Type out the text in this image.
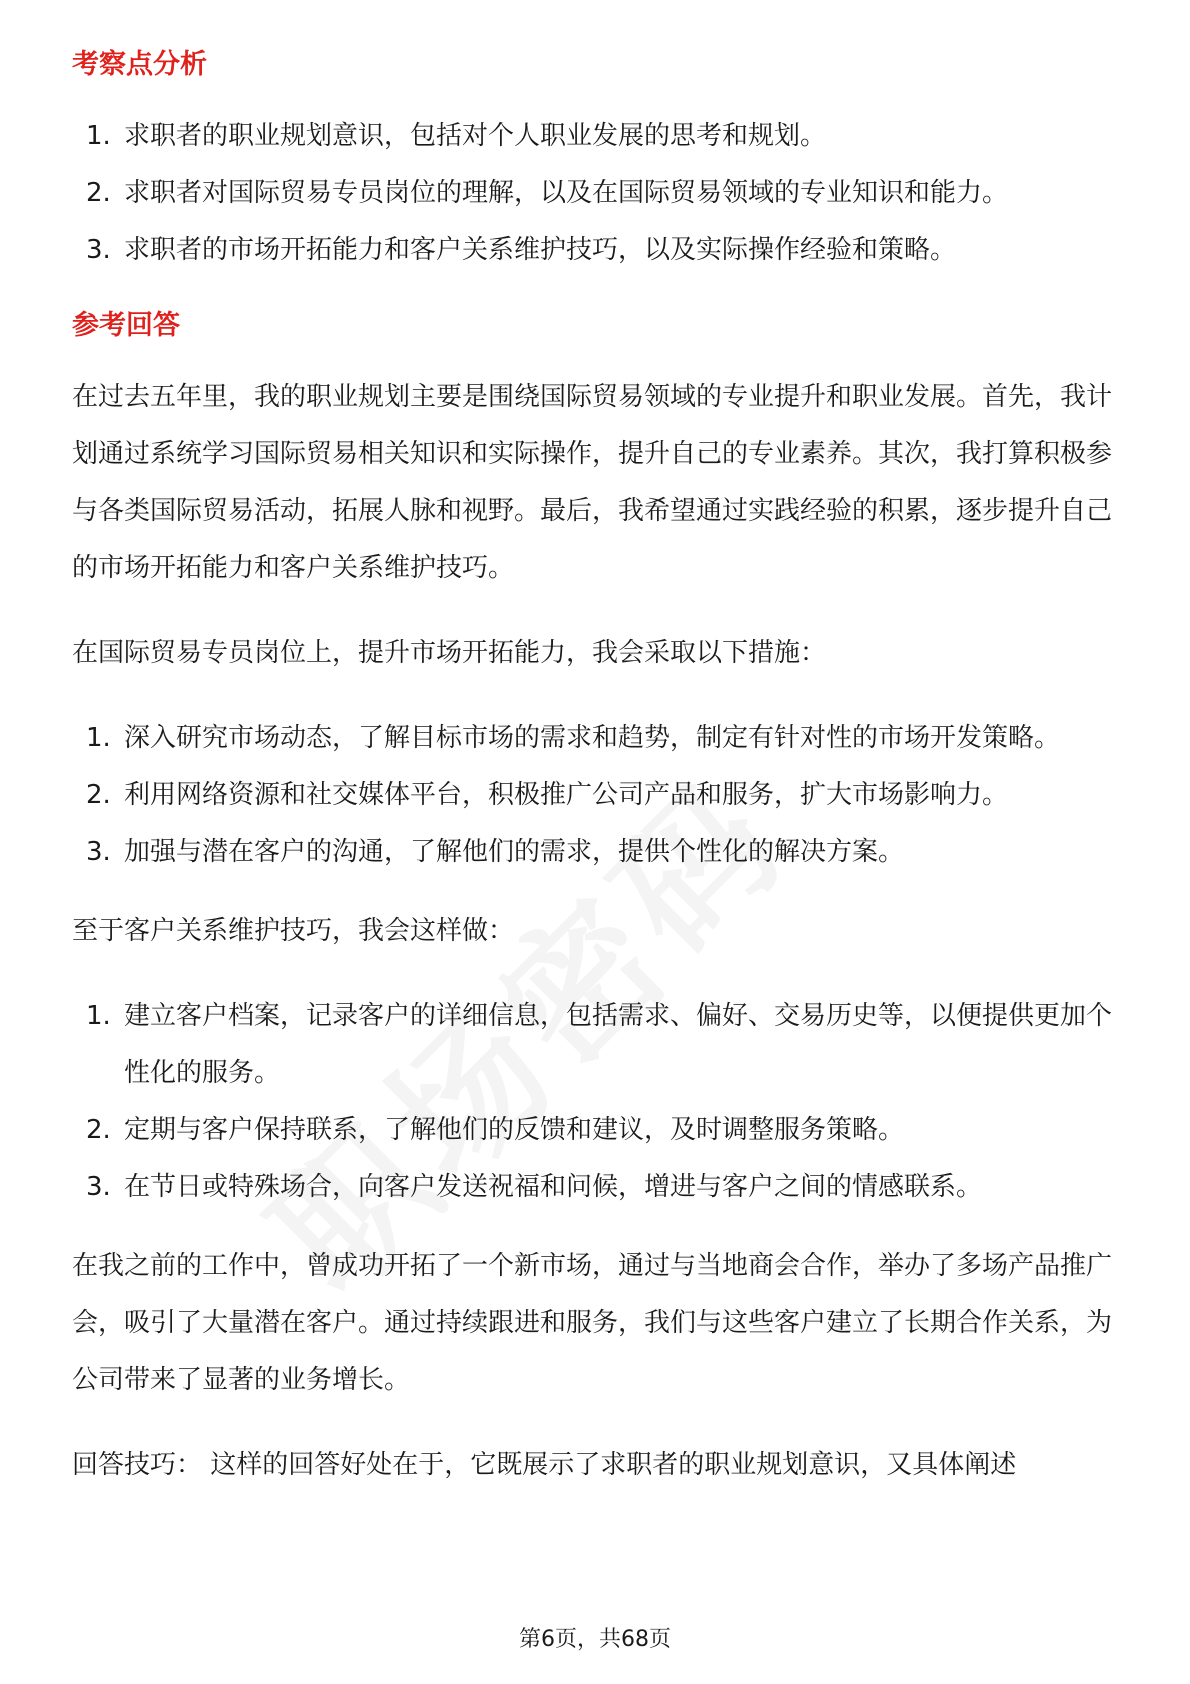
考察点分析
1. 求职者的职业规划意识，包括对个人职业发展的思考和规划。
2. 求职者对国际贸易专员岗位的理解，以及在国际贸易领域的专业知识和能力。
3. 求职者的市场开拓能力和客户关系维护技巧，以及实际操作经验和策略。
参考回答

在过去五年里，我的职业规划主要是围绕国际贸易领域的专业提升和职业发展。首先，我计划通过系统学习国际贸易相关知识和实际操作，提升自己的专业素养。其次，我打算积极参与各类国际贸易活动，拓展人脉和视野。最后，我希望通过实践经验的积累，逐步提升自己的市场开拓能力和客户关系维护技巧。

在国际贸易专员岗位上，提升市场开拓能力，我会采取以下措施：

1. 深入研究市场动态，了解目标市场的需求和趋势，制定有针对性的市场开发策略。
2. 利用网络资源和社交媒体平台，积极推广公司产品和服务，扩大市场影响力。
3. 加强与潜在客户的沟通，了解他们的需求，提供个性化的解决方案。

至于客户关系维护技巧，我会这样做：

1. 建立客户档案，记录客户的详细信息，包括需求、偏好、交易历史等，以便提供更加个性化的服务。
2. 定期与客户保持联系，了解他们的反馈和建议，及时调整服务策略。
3. 在节日或特殊场合，向客户发送祝福和问候，增进与客户之间的情感联系。

在我之前的工作中，曾成功开拓了一个新市场，通过与当地商会合作，举办了多场产品推广会，吸引了大量潜在客户。通过持续跟进和服务，我们与这些客户建立了长期合作关系，为公司带来了显著的业务增长。

回答技巧： 这样的回答好处在于，它既展示了求职者的职业规划意识，又具体阐述

第6页，共68页
